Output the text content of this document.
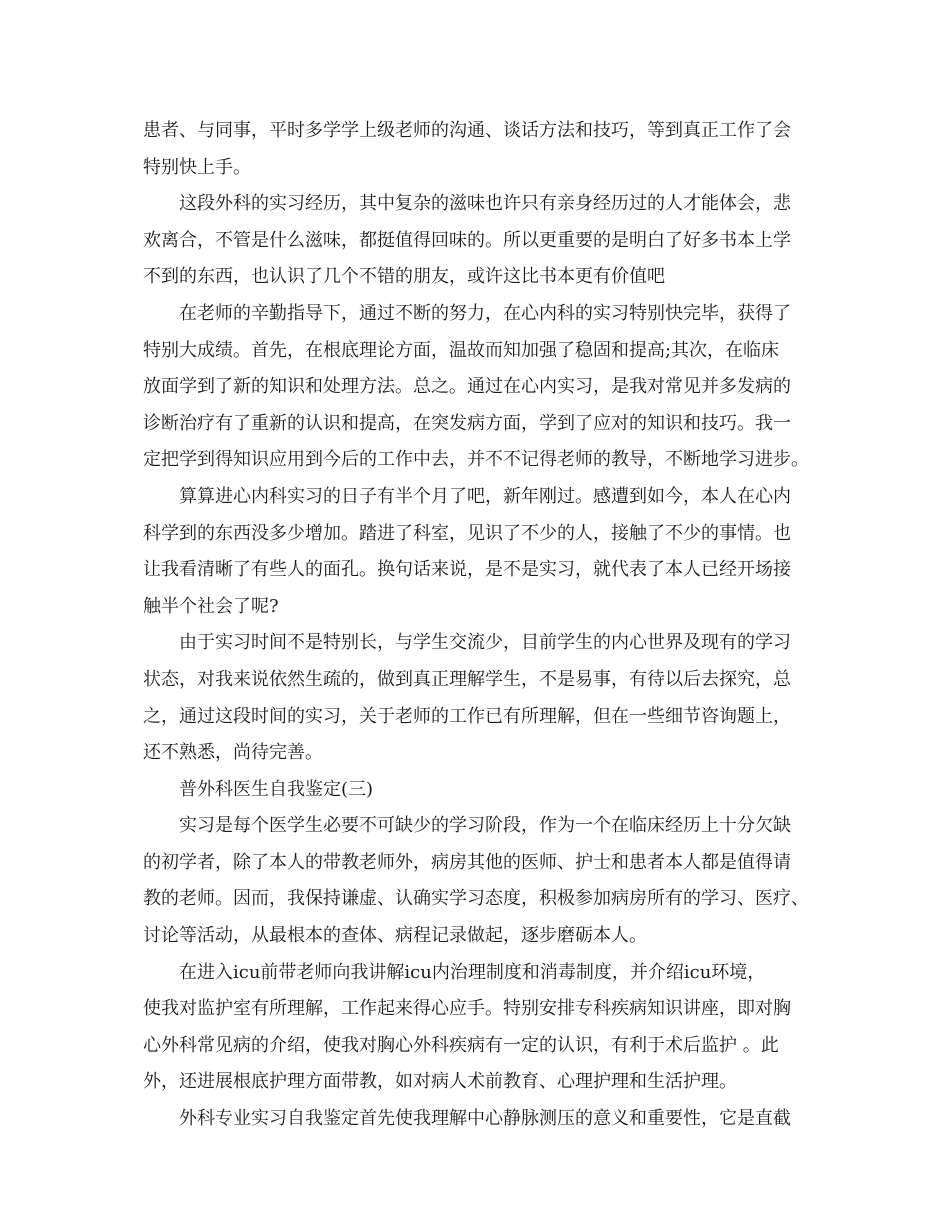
患者、与同事，平时多学学上级老师的沟通、谈话方法和技巧，等到真正工作了会

特别快上手。

这段外科的实习经历，其中复杂的滋味也许只有亲身经历过的人才能体会，悲

欢离合，不管是什么滋味，都挺值得回味的。所以更重要的是明白了好多书本上学

不到的东西，也认识了几个不错的朋友，或许这比书本更有价值吧

在老师的辛勤指导下，通过不断的努力，在心内科的实习特别快完毕，获得了

特别大成绩。首先，在根底理论方面，温故而知加强了稳固和提高;其次，在临床

放面学到了新的知识和处理方法。总之。通过在心内实习，是我对常见并多发病的

诊断治疗有了重新的认识和提高，在突发病方面，学到了应对的知识和技巧。我一

定把学到得知识应用到今后的工作中去，并不不记得老师的教导，不断地学习进步。

算算进心内科实习的日子有半个月了吧，新年刚过。感遭到如今，本人在心内

科学到的东西没多少增加。踏进了科室，见识了不少的人，接触了不少的事情。也

让我看清晰了有些人的面孔。换句话来说，是不是实习，就代表了本人已经开场接

触半个社会了呢?

由于实习时间不是特别长，与学生交流少，目前学生的内心世界及现有的学习

状态，对我来说依然生疏的，做到真正理解学生，不是易事，有待以后去探究，总

之，通过这段时间的实习，关于老师的工作已有所理解，但在一些细节咨询题上，

还不熟悉，尚待完善。

普外科医生自我鉴定(三)

实习是每个医学生必要不可缺少的学习阶段，作为一个在临床经历上十分欠缺

的初学者，除了本人的带教老师外，病房其他的医师、护士和患者本人都是值得请

教的老师。因而，我保持谦虚、认确实学习态度，积极参加病房所有的学习、医疗、

讨论等活动，从最根本的查体、病程记录做起，逐步磨砺本人。

在进入icu前带老师向我讲解icu内治理制度和消毒制度，并介绍icu环境，

使我对监护室有所理解，工作起来得心应手。特别安排专科疾病知识讲座，即对胸

心外科常见病的介绍，使我对胸心外科疾病有一定的认识，有利于术后监护 。此

外，还进展根底护理方面带教，如对病人术前教育、心理护理和生活护理。

外科专业实习自我鉴定首先使我理解中心静脉测压的意义和重要性，它是直截
